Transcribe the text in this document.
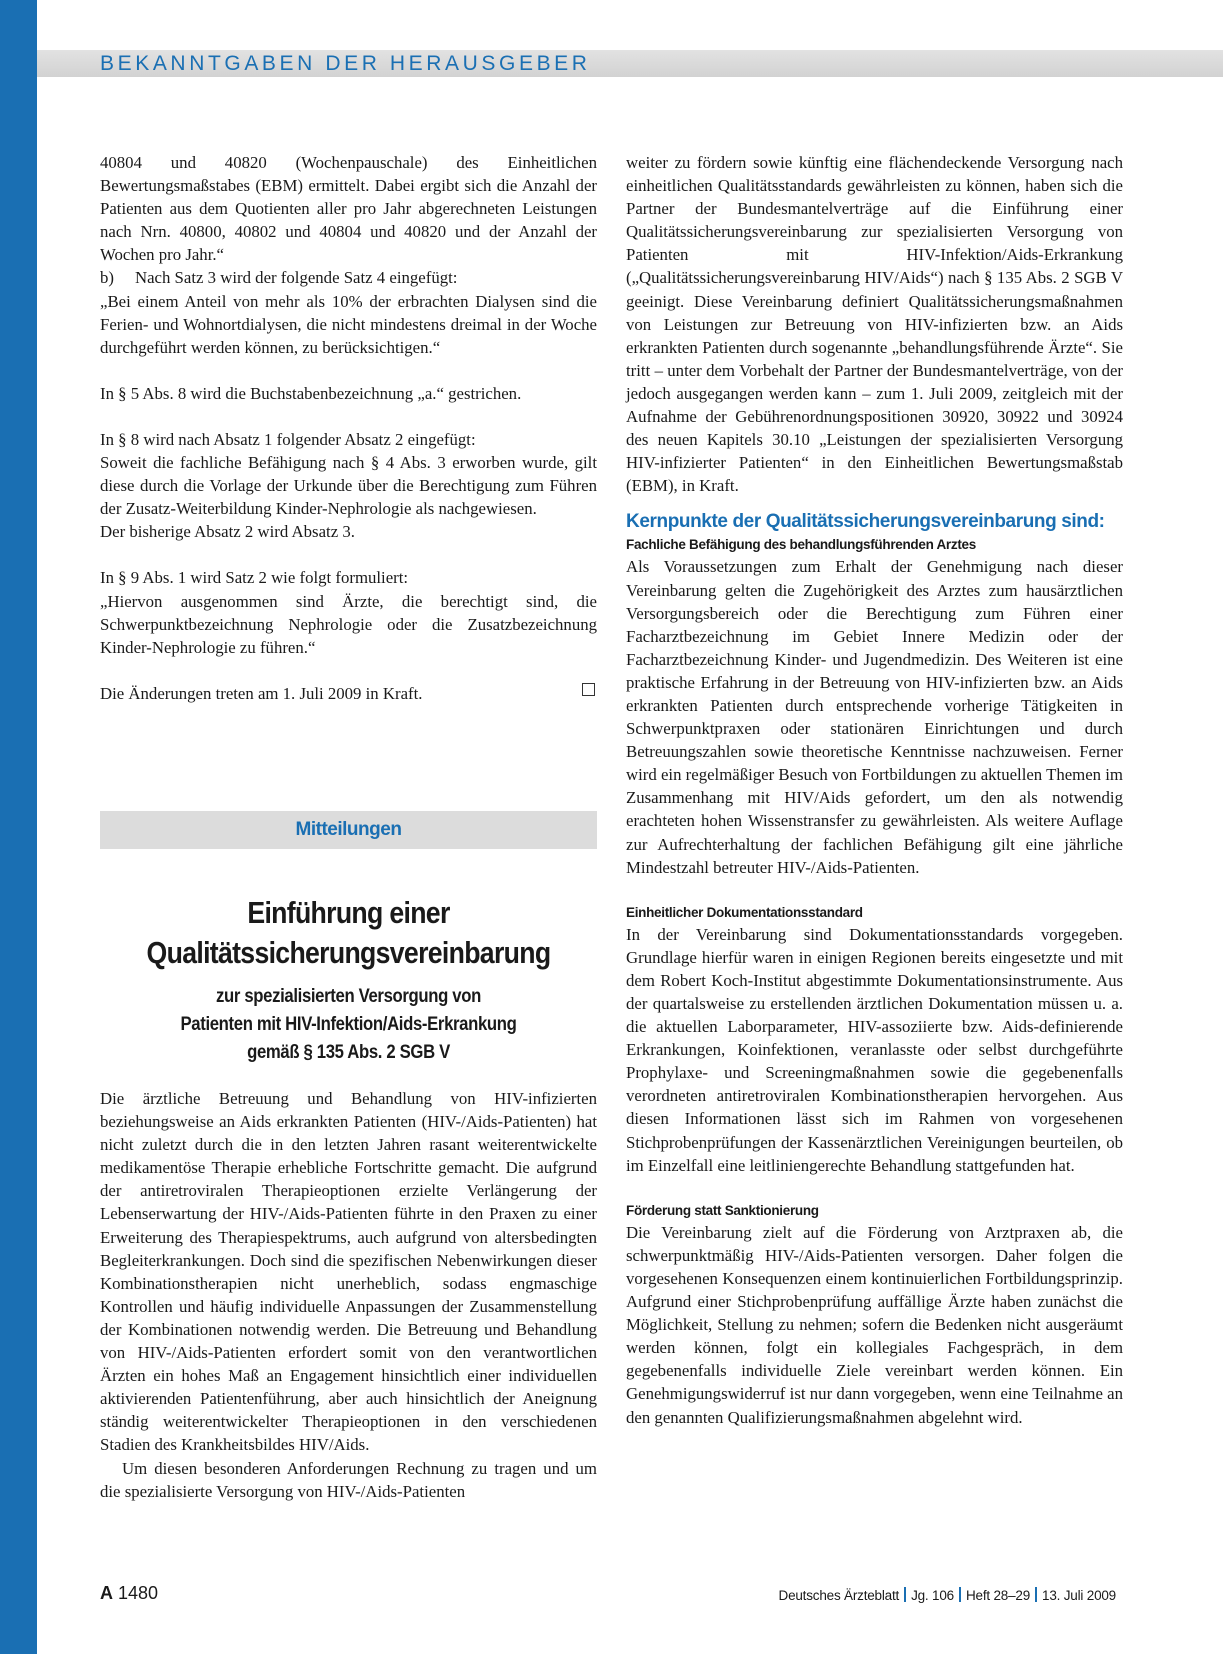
BEKANNTGABEN DER HERAUSGEBER

40804 und 40820 (Wochenpauschale) des Einheitlichen Bewertungsmaßstabes (EBM) ermittelt. Dabei ergibt sich die Anzahl der Patienten aus dem Quotienten aller pro Jahr abgerechneten Leistungen nach Nrn. 40800, 40802 und 40804 und 40820 und der Anzahl der Wochen pro Jahr.“

b)     Nach Satz 3 wird der folgende Satz 4 eingefügt:

„Bei einem Anteil von mehr als 10% der erbrachten Dialysen sind die Ferien- und Wohnortdialysen, die nicht mindestens dreimal in der Woche durchgeführt werden können, zu berücksichtigen.“

In § 5 Abs. 8 wird die Buchstabenbezeichnung „a.“ gestrichen.

In § 8 wird nach Absatz 1 folgender Absatz 2 eingefügt:

Soweit die fachliche Befähigung nach § 4 Abs. 3 erworben wurde, gilt diese durch die Vorlage der Urkunde über die Berechtigung zum Führen der Zusatz-Weiterbildung Kinder-Nephrologie als nachgewiesen.

Der bisherige Absatz 2 wird Absatz 3.

In § 9 Abs. 1 wird Satz 2 wie folgt formuliert:

„Hiervon ausgenommen sind Ärzte, die berechtigt sind, die Schwerpunktbezeichnung Nephrologie oder die Zusatzbezeichnung Kinder-Nephrologie zu führen.“

Die Änderungen treten am 1. Juli 2009 in Kraft.

Mitteilungen
Einführung einer
Qualitätssicherungsvereinbarung
zur spezialisierten Versorgung von
Patienten mit HIV-Infektion/Aids-Erkrankung
gemäß § 135 Abs. 2 SGB V

Die ärztliche Betreuung und Behandlung von HIV-infizierten beziehungsweise an Aids erkrankten Patienten (HIV-/Aids-Patienten) hat nicht zuletzt durch die in den letzten Jahren rasant weiterentwickelte medikamentöse Therapie erhebliche Fortschritte gemacht. Die aufgrund der antiretroviralen Therapieoptionen erzielte Verlängerung der Lebenserwartung der HIV-/Aids-Patienten führte in den Praxen zu einer Erweiterung des Therapiespektrums, auch aufgrund von altersbedingten Begleiterkrankungen. Doch sind die spezifischen Nebenwirkungen dieser Kombinationstherapien nicht unerheblich, sodass engmaschige Kontrollen und häufig individuelle Anpassungen der Zusammenstellung der Kombinationen notwendig werden. Die Betreuung und Behandlung von HIV-/Aids-Patienten erfordert somit von den verantwortlichen Ärzten ein hohes Maß an Engagement hinsichtlich einer individuellen aktivierenden Patientenführung, aber auch hinsichtlich der Aneignung ständig weiterentwickelter Therapieoptionen in den verschiedenen Stadien des Krankheitsbildes HIV/Aids.

Um diesen besonderen Anforderungen Rechnung zu tragen und um die spezialisierte Versorgung von HIV-/Aids-Patienten

weiter zu fördern sowie künftig eine flächendeckende Versorgung nach einheitlichen Qualitätsstandards gewährleisten zu können, haben sich die Partner der Bundesmantelverträge auf die Einführung einer Qualitätssicherungsvereinbarung zur spezialisierten Versorgung von Patienten mit HIV-Infektion/Aids-Erkrankung („Qualitätssicherungsvereinbarung HIV/Aids“) nach § 135 Abs. 2 SGB V geeinigt. Diese Vereinbarung definiert Qualitätssicherungsmaßnahmen von Leistungen zur Betreuung von HIV-infizierten bzw. an Aids erkrankten Patienten durch sogenannte „behandlungsführende Ärzte“. Sie tritt – unter dem Vorbehalt der Partner der Bundesmantelverträge, von der jedoch ausgegangen werden kann – zum 1. Juli 2009, zeitgleich mit der Aufnahme der Gebührenordnungspositionen 30920, 30922 und 30924 des neuen Kapitels 30.10 „Leistungen der spezialisierten Versorgung HIV-infizierter Patienten“ in den Einheitlichen Bewertungsmaßstab (EBM), in Kraft.

Kernpunkte der Qualitätssicherungsvereinbarung sind:
Fachliche Befähigung des behandlungsführenden Arztes

Als Voraussetzungen zum Erhalt der Genehmigung nach dieser Vereinbarung gelten die Zugehörigkeit des Arztes zum hausärztlichen Versorgungsbereich oder die Berechtigung zum Führen einer Facharztbezeichnung im Gebiet Innere Medizin oder der Facharztbezeichnung Kinder- und Jugendmedizin. Des Weiteren ist eine praktische Erfahrung in der Betreuung von HIV-infizierten bzw. an Aids erkrankten Patienten durch entsprechende vorherige Tätigkeiten in Schwerpunktpraxen oder stationären Einrichtungen und durch Betreuungszahlen sowie theoretische Kenntnisse nachzuweisen. Ferner wird ein regelmäßiger Besuch von Fortbildungen zu aktuellen Themen im Zusammenhang mit HIV/Aids gefordert, um den als notwendig erachteten hohen Wissenstransfer zu gewährleisten. Als weitere Auflage zur Aufrechterhaltung der fachlichen Befähigung gilt eine jährliche Mindestzahl betreuter HIV-/Aids-Patienten.

Einheitlicher Dokumentationsstandard

In der Vereinbarung sind Dokumentationsstandards vorgegeben. Grundlage hierfür waren in einigen Regionen bereits eingesetzte und mit dem Robert Koch-Institut abgestimmte Dokumentationsinstrumente. Aus der quartalsweise zu erstellenden ärztlichen Dokumentation müssen u. a. die aktuellen Laborparameter, HIV-assoziierte bzw. Aids-definierende Erkrankungen, Koinfektionen, veranlasste oder selbst durchgeführte Prophylaxe- und Screeningmaßnahmen sowie die gegebenenfalls verordneten antiretroviralen Kombinationstherapien hervorgehen. Aus diesen Informationen lässt sich im Rahmen von vorgesehenen Stichprobenprüfungen der Kassenärztlichen Vereinigungen beurteilen, ob im Einzelfall eine leitliniengerechte Behandlung stattgefunden hat.

Förderung statt Sanktionierung

Die Vereinbarung zielt auf die Förderung von Arztpraxen ab, die schwerpunktmäßig HIV-/Aids-Patienten versorgen. Daher folgen die vorgesehenen Konsequenzen einem kontinuierlichen Fortbildungsprinzip. Aufgrund einer Stichprobenprüfung auffällige Ärzte haben zunächst die Möglichkeit, Stellung zu nehmen; sofern die Bedenken nicht ausgeräumt werden können, folgt ein kollegiales Fachgespräch, in dem gegebenenfalls individuelle Ziele vereinbart werden können. Ein Genehmigungswiderruf ist nur dann vorgegeben, wenn eine Teilnahme an den genannten Qualifizierungsmaßnahmen abgelehnt wird.

A 1480	Deutsches Ärzteblatt Jg. 106 Heft 28–29 13. Juli 2009
